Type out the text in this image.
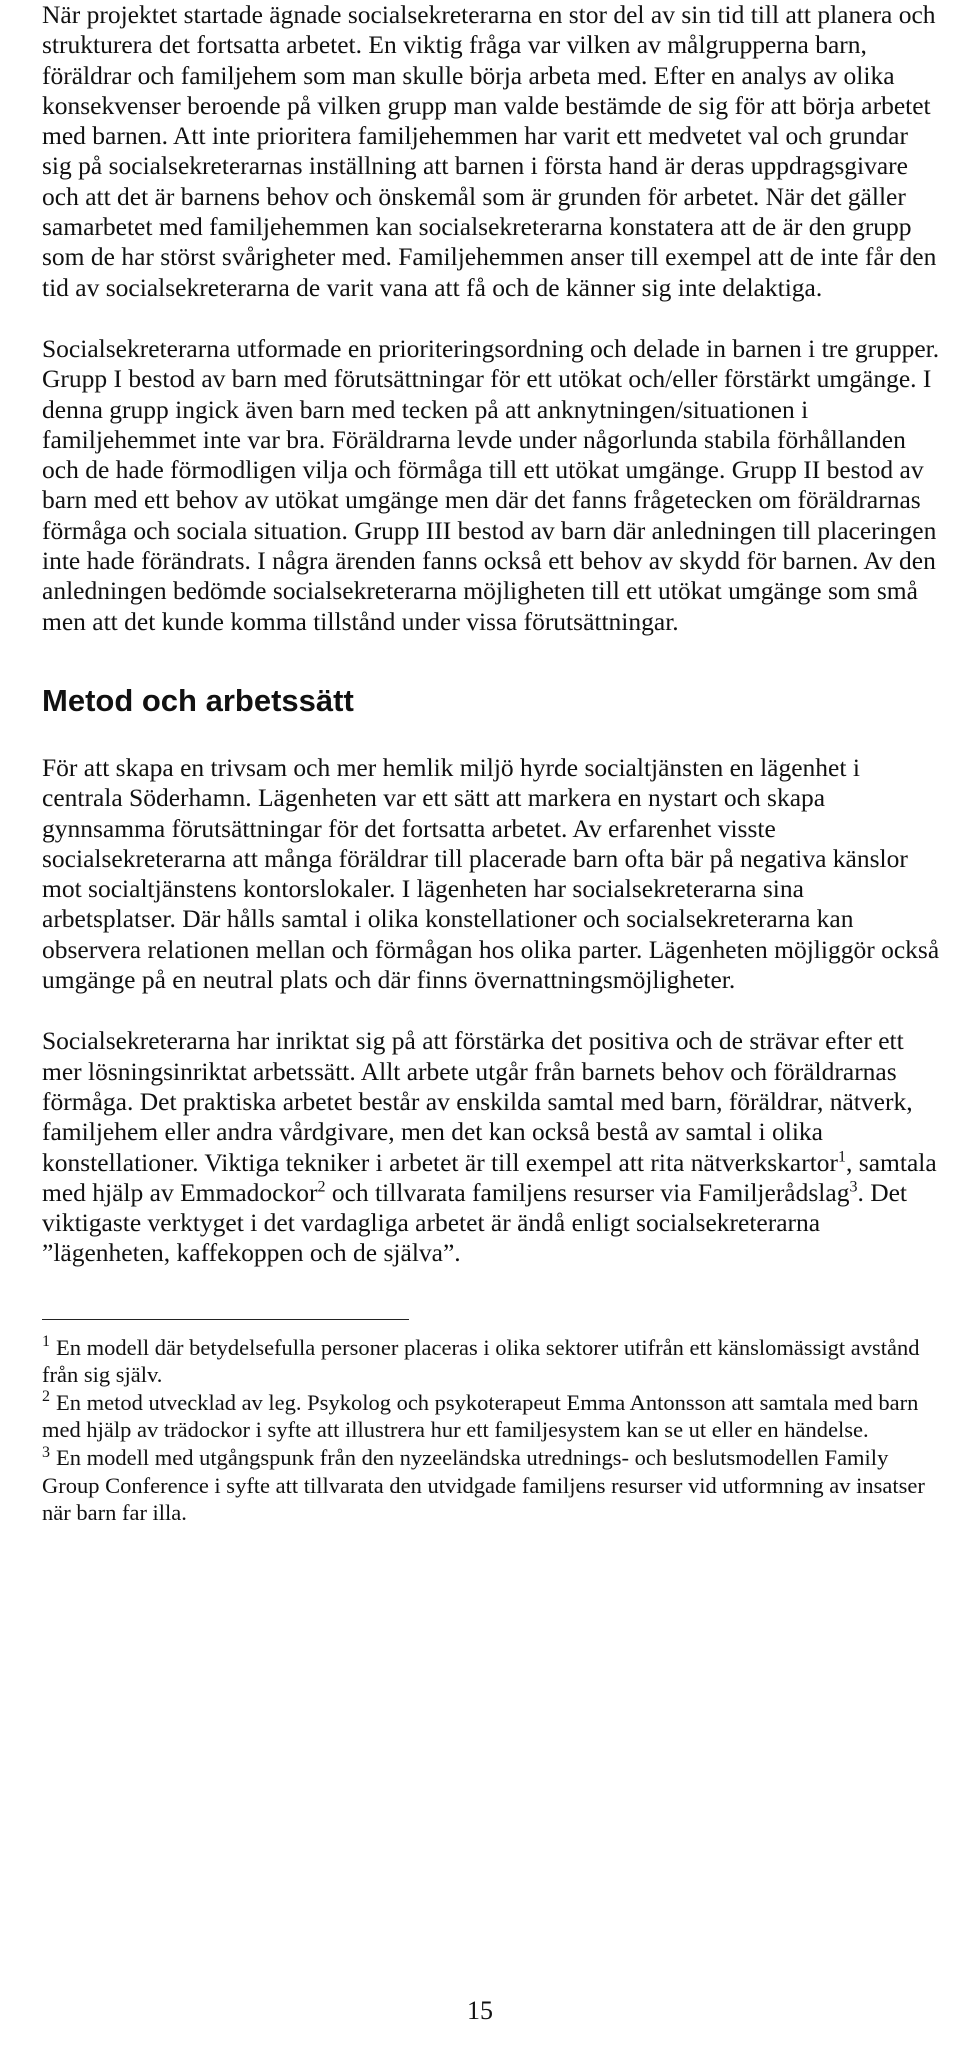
När projektet startade ägnade socialsekreterarna en stor del av sin tid till att planera och strukturera det fortsatta arbetet. En viktig fråga var vilken av målgrupperna barn, föräldrar och familjehem som man skulle börja arbeta med. Efter en analys av olika konsekvenser beroende på vilken grupp man valde bestämde de sig för att börja arbetet med barnen. Att inte prioritera familjehemmen har varit ett medvetet val och grundar sig på socialsekreterarnas inställning att barnen i första hand är deras uppdragsgivare och att det är barnens behov och önskemål som är grunden för arbetet. När det gäller samarbetet med familjehemmen kan socialsekreterarna konstatera att de är den grupp som de har störst svårigheter med. Familjehemmen anser till exempel att de inte får den tid av socialsekreterarna de varit vana att få och de känner sig inte delaktiga.

Socialsekreterarna utformade en prioriteringsordning och delade in barnen i tre grupper. Grupp I bestod av barn med förutsättningar för ett utökat och/eller förstärkt umgänge. I denna grupp ingick även barn med tecken på att anknytningen/situationen i familjehemmet inte var bra. Föräldrarna levde under någorlunda stabila förhållanden och de hade förmodligen vilja och förmåga till ett utökat umgänge. Grupp II bestod av barn med ett behov av utökat umgänge men där det fanns frågetecken om föräldrarnas förmåga och sociala situation. Grupp III bestod av barn där anledningen till placeringen inte hade förändrats. I några ärenden fanns också ett behov av skydd för barnen. Av den anledningen bedömde socialsekreterarna möjligheten till ett utökat umgänge som små men att det kunde komma tillstånd under vissa förutsättningar.

Metod och arbetssätt

För att skapa en trivsam och mer hemlik miljö hyrde socialtjänsten en lägenhet i centrala Söderhamn. Lägenheten var ett sätt att markera en nystart och skapa gynnsamma förutsättningar för det fortsatta arbetet. Av erfarenhet visste socialsekreterarna att många föräldrar till placerade barn ofta bär på negativa känslor mot socialtjänstens kontorslokaler. I lägenheten har socialsekreterarna sina arbetsplatser. Där hålls samtal i olika konstellationer och socialsekreterarna kan observera relationen mellan och förmågan hos olika parter. Lägenheten möjliggör också umgänge på en neutral plats och där finns övernattningsmöjligheter.

Socialsekreterarna har inriktat sig på att förstärka det positiva och de strävar efter ett mer lösningsinriktat arbetssätt. Allt arbete utgår från barnets behov och föräldrarnas förmåga. Det praktiska arbetet består av enskilda samtal med barn, föräldrar, nätverk, familjehem eller andra vårdgivare, men det kan också bestå av samtal i olika konstellationer. Viktiga tekniker i arbetet är till exempel att rita nätverkskartor$^1$, samtala med hjälp av Emmadockor$^2$ och tillvarata familjens resurser via Familjerådslag$^3$. Det viktigaste verktyget i det vardagliga arbetet är ändå enligt socialsekreterarna ”lägenheten, kaffekoppen och de själva”.

$^1$ En modell där betydelsefulla personer placeras i olika sektorer utifrån ett känslomässigt avstånd från sig själv.

$^2$ En metod utvecklad av leg. Psykolog och psykoterapeut Emma Antonsson att samtala med barn med hjälp av trädockor i syfte att illustrera hur ett familjesystem kan se ut eller en händelse.

$^3$ En modell med utgångspunk från den nyzeeländska utrednings- och beslutsmodellen Family Group Conference i syfte att tillvarata den utvidgade familjens resurser vid utformning av insatser när barn far illa.

15
